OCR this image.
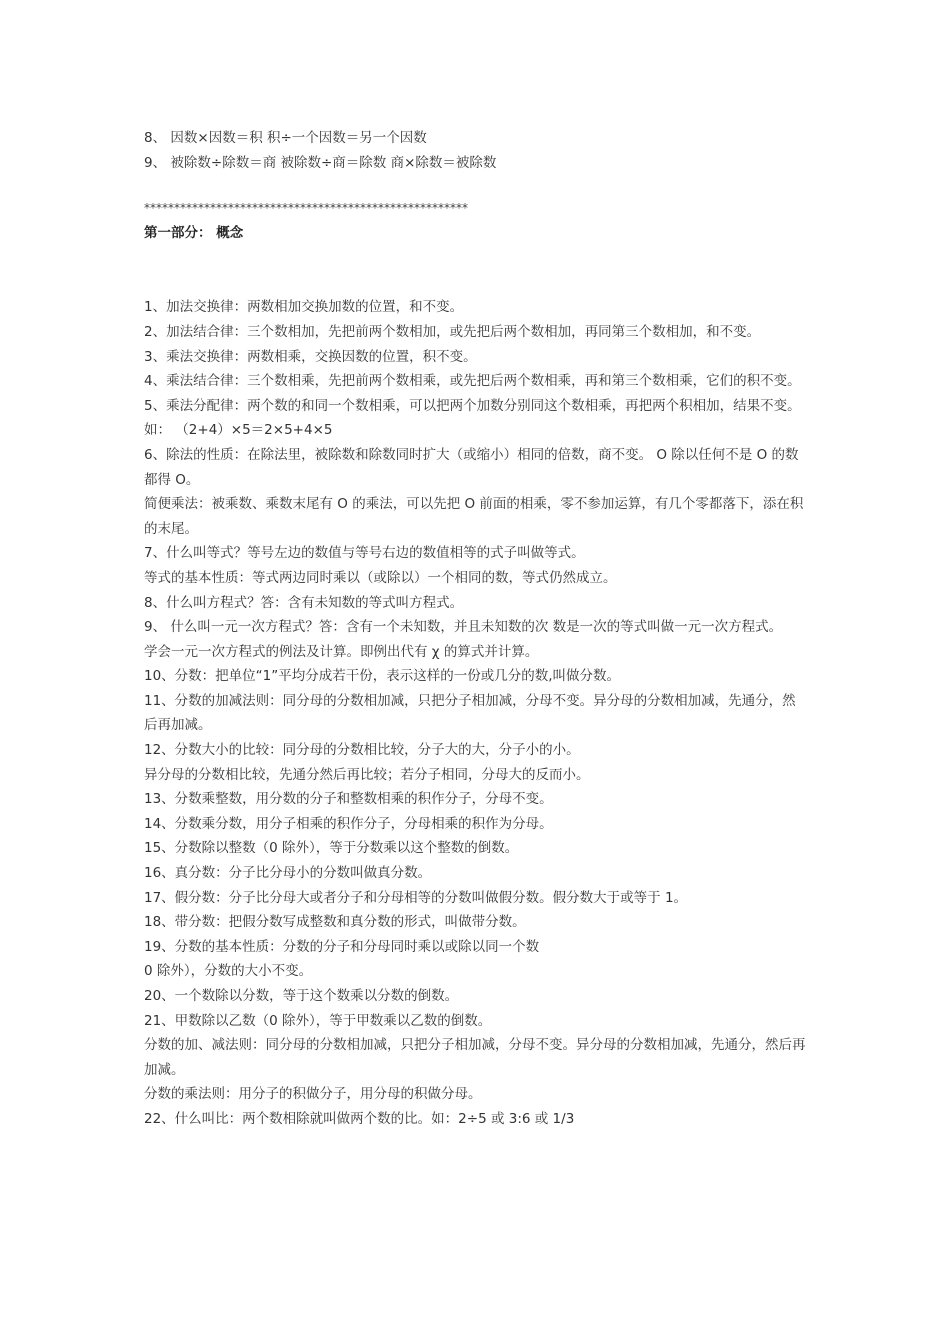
8、 因数×因数＝积 积÷一个因数＝另一个因数

9、 被除数÷除数＝商 被除数÷商＝除数 商×除数＝被除数

******************************************************

第一部分： 概念

1、加法交换律：两数相加交换加数的位置，和不变。

2、加法结合律：三个数相加，先把前两个数相加，或先把后两个数相加，再同第三个数相加，和不变。

3、乘法交换律：两数相乘，交换因数的位置，积不变。

4、乘法结合律：三个数相乘，先把前两个数相乘，或先把后两个数相乘，再和第三个数相乘，它们的积不变。

5、乘法分配律：两个数的和同一个数相乘，可以把两个加数分别同这个数相乘，再把两个积相加，结果不变。

如： （2+4）×5＝2×5+4×5

6、除法的性质：在除法里，被除数和除数同时扩大（或缩小）相同的倍数，商不变。 O 除以任何不是 O 的数都得 O。

简便乘法：被乘数、乘数末尾有 O 的乘法，可以先把 O 前面的相乘，零不参加运算，有几个零都落下，添在积的末尾。

7、什么叫等式？等号左边的数值与等号右边的数值相等的式子叫做等式。

等式的基本性质：等式两边同时乘以（或除以）一个相同的数，等式仍然成立。

8、什么叫方程式？答：含有未知数的等式叫方程式。

9、 什么叫一元一次方程式？答：含有一个未知数，并且未知数的次 数是一次的等式叫做一元一次方程式。

学会一元一次方程式的例法及计算。即例出代有 χ 的算式并计算。

10、分数：把单位“1”平均分成若干份，表示这样的一份或几分的数,叫做分数。

11、分数的加减法则：同分母的分数相加减，只把分子相加减，分母不变。异分母的分数相加减，先通分，然后再加减。

12、分数大小的比较：同分母的分数相比较，分子大的大，分子小的小。

异分母的分数相比较，先通分然后再比较；若分子相同，分母大的反而小。

13、分数乘整数，用分数的分子和整数相乘的积作分子，分母不变。

14、分数乘分数，用分子相乘的积作分子，分母相乘的积作为分母。

15、分数除以整数（0 除外），等于分数乘以这个整数的倒数。

16、真分数：分子比分母小的分数叫做真分数。

17、假分数：分子比分母大或者分子和分母相等的分数叫做假分数。假分数大于或等于 1。

18、带分数：把假分数写成整数和真分数的形式，叫做带分数。

19、分数的基本性质：分数的分子和分母同时乘以或除以同一个数

0 除外），分数的大小不变。

20、一个数除以分数，等于这个数乘以分数的倒数。

21、甲数除以乙数（0 除外），等于甲数乘以乙数的倒数。

分数的加、减法则：同分母的分数相加减，只把分子相加减，分母不变。异分母的分数相加减，先通分，然后再加减。

分数的乘法则：用分子的积做分子，用分母的积做分母。

22、什么叫比：两个数相除就叫做两个数的比。如：2÷5 或 3:6 或 1/3
